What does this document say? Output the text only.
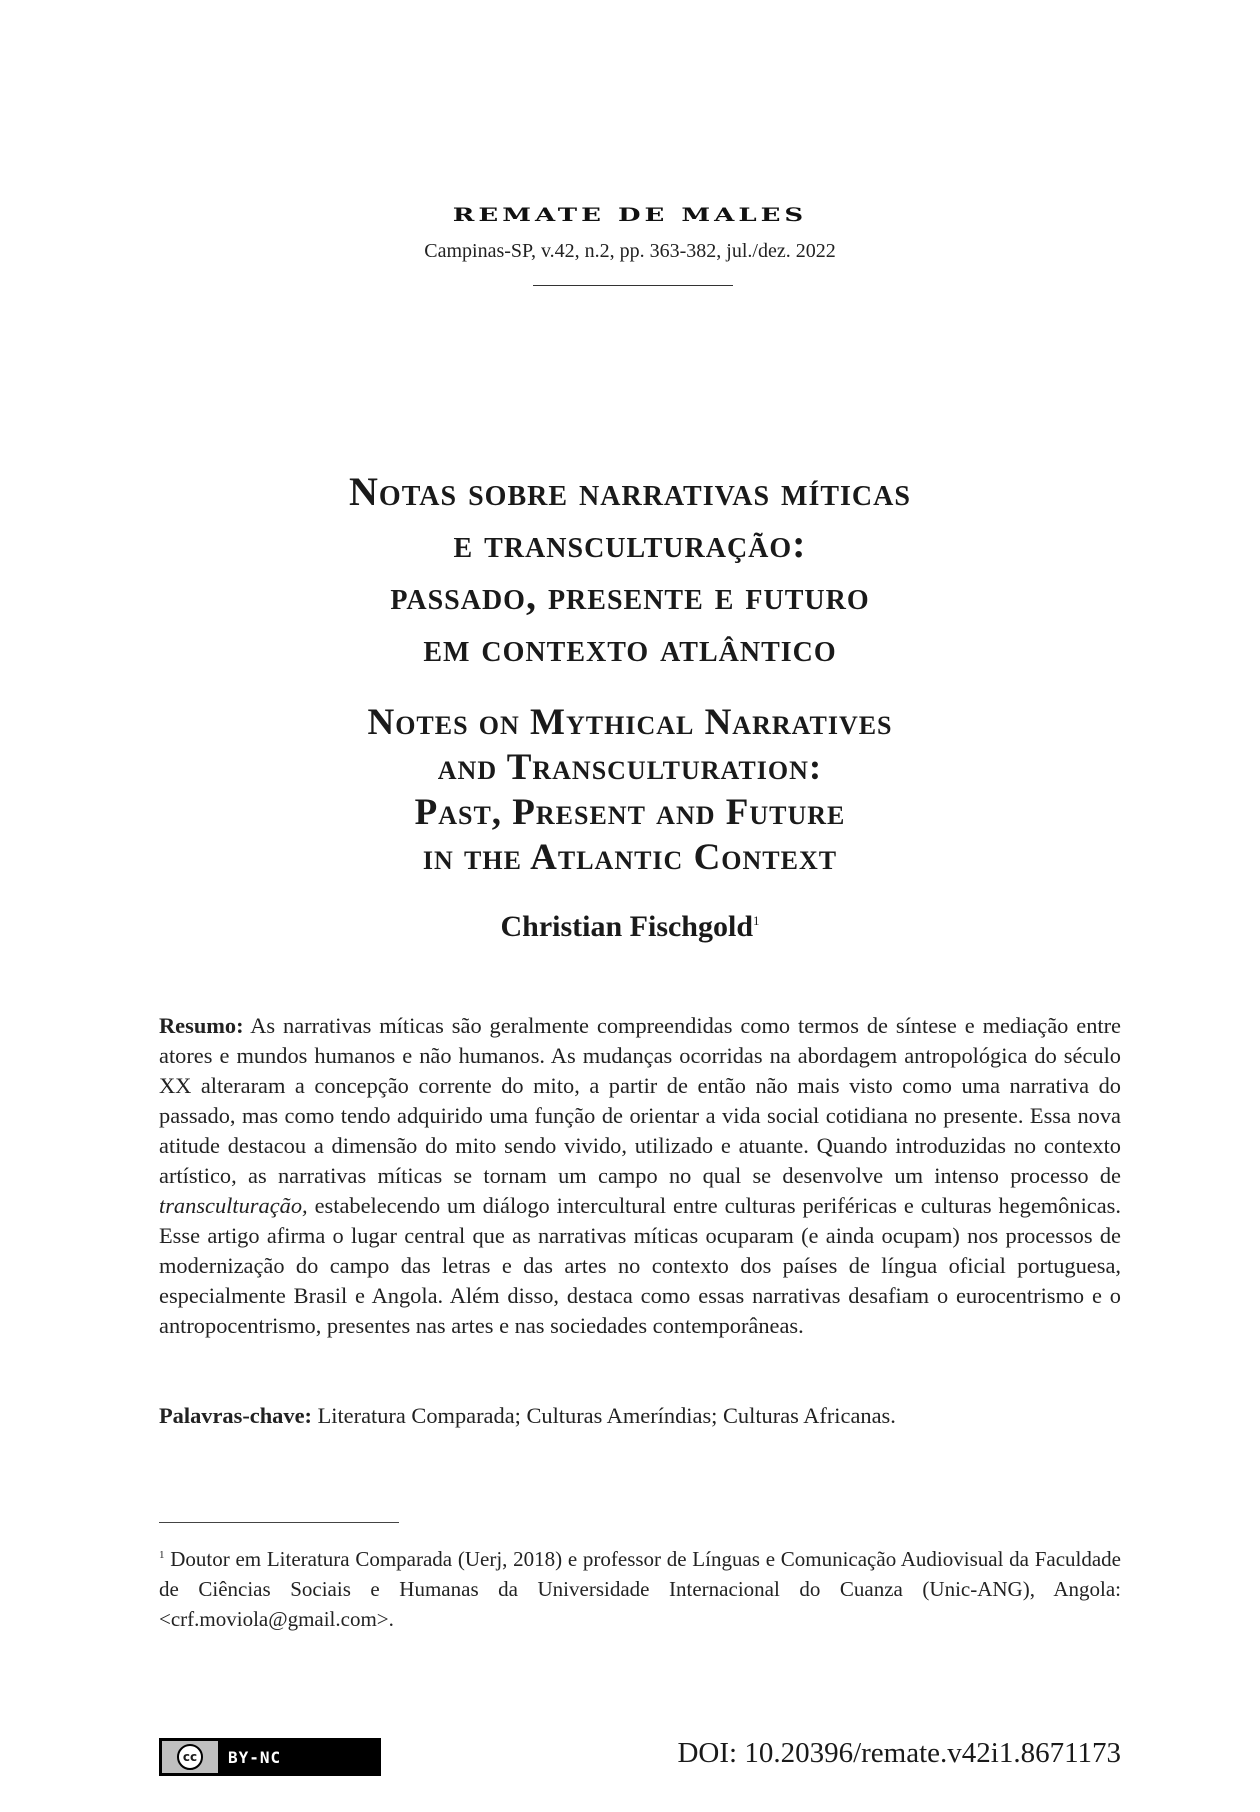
REMATE DE MALES
Campinas-SP, v.42, n.2, pp. 363-382, jul./dez. 2022
Notas sobre narrativas míticas
e transculturação:
passado, presente e futuro
em contexto atlântico
Notes on Mythical Narratives
and Transculturation:
Past, Present and Future
in the Atlantic Context
Christian Fischgold$^1$

Resumo: As narrativas míticas são geralmente compreendidas como termos de síntese e mediação entre atores e mundos humanos e não humanos. As mudanças ocorridas na abordagem antropológica do século XX alteraram a concepção corrente do mito, a partir de então não mais visto como uma narrativa do passado, mas como tendo adquirido uma função de orientar a vida social cotidiana no presente. Essa nova atitude destacou a dimensão do mito sendo vivido, utilizado e atuante. Quando introduzidas no contexto artístico, as narrativas míticas se tornam um campo no qual se desenvolve um intenso processo de transculturação, estabelecendo um diálogo intercultural entre culturas periféricas e culturas hegemônicas. Esse artigo afirma o lugar central que as narrativas míticas ocuparam (e ainda ocupam) nos processos de modernização do campo das letras e das artes no contexto dos países de língua oficial portuguesa, especialmente Brasil e Angola. Além disso, destaca como essas narrativas desafiam o eurocentrismo e o antropocentrismo, presentes nas artes e nas sociedades contemporâneas.

Palavras-chave: Literatura Comparada; Culturas Ameríndias; Culturas Africanas.

$^1$ Doutor em Literatura Comparada (Uerj, 2018) e professor de Línguas e Comunicação Audiovisual da Faculdade de Ciências Sociais e Humanas da Universidade Internacional do Cuanza (Unic-ANG), Angola: <crf.moviola@gmail.com>.

cc	BY-NC	DOI: 10.20396/remate.v42i1.8671173
